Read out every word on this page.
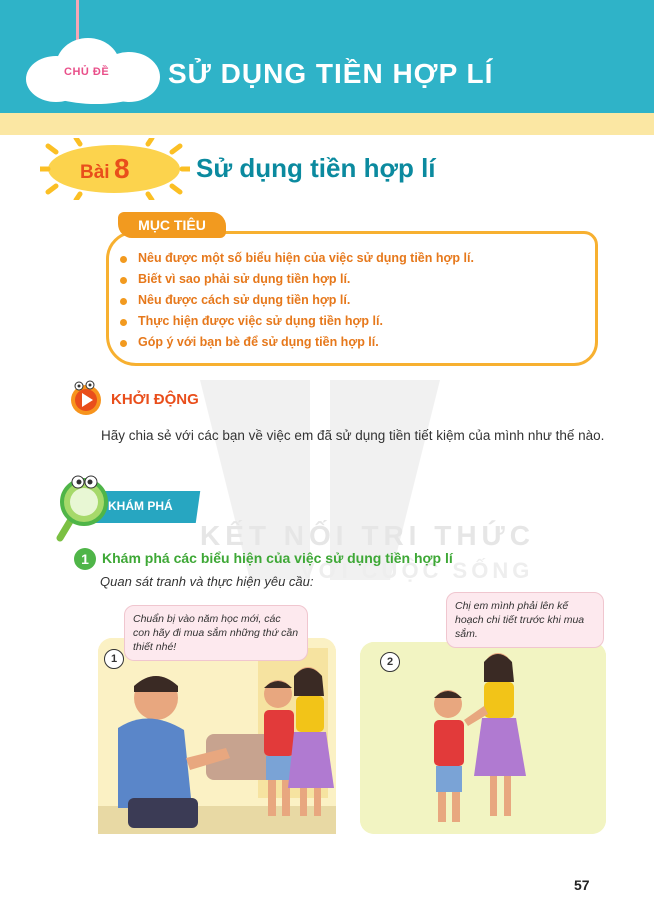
CHỦ ĐỀ SỬ DỤNG TIỀN HỢP LÍ
Bài 8	Sử dụng tiền hợp lí
KẾT NỐI TRI THỨC
VỚI CUỘC SỐNG
MỤC TIÊU
Nêu được một số biểu hiện của việc sử dụng tiền hợp lí.
Biết vì sao phải sử dụng tiền hợp lí.
Nêu được cách sử dụng tiền hợp lí.
Thực hiện được việc sử dụng tiền hợp lí.
Góp ý với bạn bè để sử dụng tiền hợp lí.
KHỞI ĐỘNG
Hãy chia sẻ với các bạn về việc em đã sử dụng tiền tiết kiệm của mình như thế nào.
KHÁM PHÁ
1 Khám phá các biểu hiện của việc sử dụng tiền hợp lí
Quan sát tranh và thực hiện yêu cầu:
1
Chuẩn bị vào năm học mới, các con hãy đi mua sắm những thứ cần thiết nhé!
2
Chị em mình phải lên kế hoạch chi tiết trước khi mua sắm.
57
